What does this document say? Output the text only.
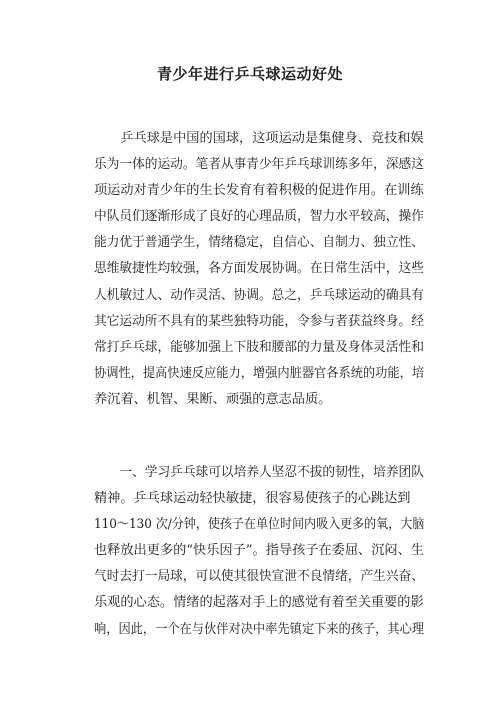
青少年进行乒乓球运动好处

　　乒乓球是中国的国球，这项运动是集健身、竞技和娱
乐为一体的运动。笔者从事青少年乒乓球训练多年，深感这
项运动对青少年的生长发育有着积极的促进作用。在训练
中队员们逐渐形成了良好的心理品质，智力水平较高，操作
能力优于普通学生，情绪稳定，自信心、自制力、独立性、
思维敏捷性均较强，各方面发展协调。在日常生活中，这些
人机敏过人、动作灵活、协调。总之，乒乓球运动的确具有
其它运动所不具有的某些独特功能，令参与者获益终身。经
常打乒乓球，能够加强上下肢和腰部的力量及身体灵活性和
协调性，提高快速反应能力，增强内脏器官各系统的功能，培
养沉着、机智、果断、顽强的意志品质。

　　一、学习乒乓球可以培养人坚忍不拔的韧性，培养团队
精神。乒乓球运动轻快敏捷，很容易使孩子的心跳达到
110～130 次/分钟，使孩子在单位时间内吸入更多的氧，大脑
也释放出更多的“快乐因子”。指导孩子在委屈、沉闷、生
气时去打一局球，可以使其很快宣泄不良情绪，产生兴奋、
乐观的心态。情绪的起落对手上的感觉有着至关重要的影
响，因此，一个在与伙伴对决中率先镇定下来的孩子，其心理
